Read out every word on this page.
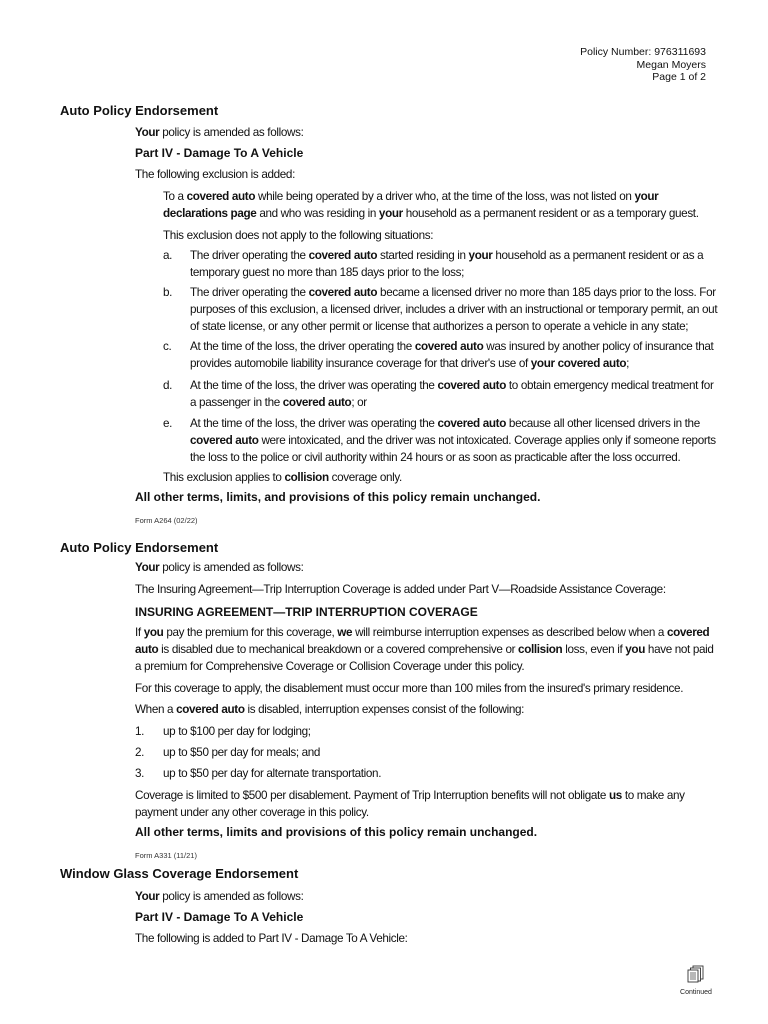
Policy Number: 976311693
Megan Moyers
Page 1 of 2
Auto Policy Endorsement
Your policy is amended as follows:
Part IV - Damage To A Vehicle
The following exclusion is added:
To a covered auto while being operated by a driver who, at the time of the loss, was not listed on your
declarations page and who was residing in your household as a permanent resident or as a temporary guest.
This exclusion does not apply to the following situations:
a. The driver operating the covered auto started residing in your household as a permanent resident or as a
temporary guest no more than 185 days prior to the loss;
b. The driver operating the covered auto became a licensed driver no more than 185 days prior to the loss. For
purposes of this exclusion, a licensed driver, includes a driver with an instructional or temporary permit, an out
of state license, or any other permit or license that authorizes a person to operate a vehicle in any state;
c. At the time of the loss, the driver operating the covered auto was insured by another policy of insurance that
provides automobile liability insurance coverage for that driver's use of your covered auto;
d. At the time of the loss, the driver was operating the covered auto to obtain emergency medical treatment for
a passenger in the covered auto; or
e. At the time of the loss, the driver was operating the covered auto because all other licensed drivers in the
covered auto were intoxicated, and the driver was not intoxicated. Coverage applies only if someone reports
the loss to the police or civil authority within 24 hours or as soon as practicable after the loss occurred.
This exclusion applies to collision coverage only.
All other terms, limits, and provisions of this policy remain unchanged.
Form A264 (02/22)
Auto Policy Endorsement
Your policy is amended as follows:
The Insuring Agreement—Trip Interruption Coverage is added under Part V—Roadside Assistance Coverage:
INSURING AGREEMENT—TRIP INTERRUPTION COVERAGE
If you pay the premium for this coverage, we will reimburse interruption expenses as described below when a covered
auto is disabled due to mechanical breakdown or a covered comprehensive or collision loss, even if you have not paid
a premium for Comprehensive Coverage or Collision Coverage under this policy.
For this coverage to apply, the disablement must occur more than 100 miles from the insured's primary residence.
When a covered auto is disabled, interruption expenses consist of the following:
1. up to $100 per day for lodging;
2. up to $50 per day for meals; and
3. up to $50 per day for alternate transportation.
Coverage is limited to $500 per disablement. Payment of Trip Interruption benefits will not obligate us to make any
payment under any other coverage in this policy.
All other terms, limits and provisions of this policy remain unchanged.
Form A331 (11/21)
Window Glass Coverage Endorsement
Your policy is amended as follows:
Part IV - Damage To A Vehicle
The following is added to Part IV - Damage To A Vehicle:
Continued
